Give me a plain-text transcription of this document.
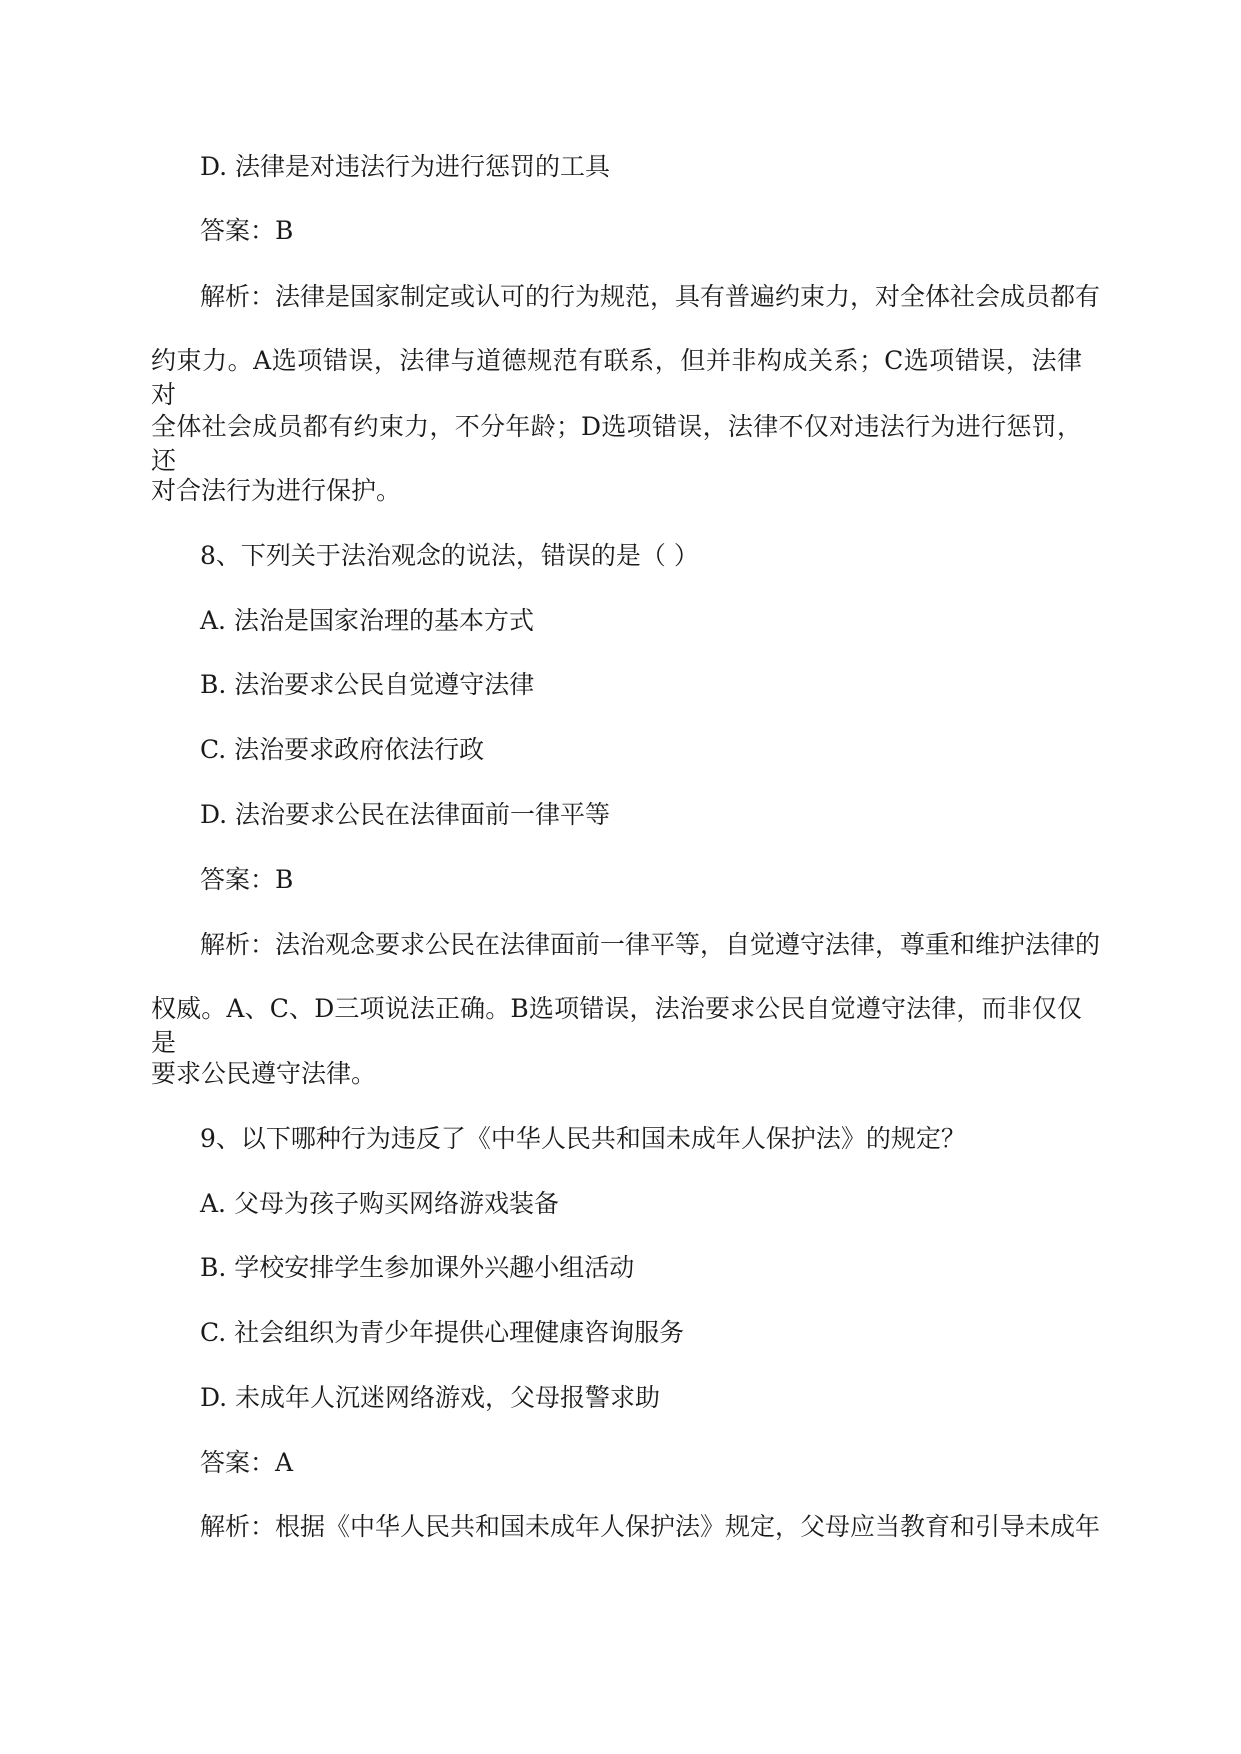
D. 法律是对违法行为进行惩罚的工具
答案：B
解析：法律是国家制定或认可的行为规范，具有普遍约束力，对全体社会成员都有
约束力。A选项错误，法律与道德规范有联系，但并非构成关系；C选项错误，法律对
全体社会成员都有约束力，不分年龄；D选项错误，法律不仅对违法行为进行惩罚，还
对合法行为进行保护。
8、下列关于法治观念的说法，错误的是（ ）
A. 法治是国家治理的基本方式
B. 法治要求公民自觉遵守法律
C. 法治要求政府依法行政
D. 法治要求公民在法律面前一律平等
答案：B
解析：法治观念要求公民在法律面前一律平等，自觉遵守法律，尊重和维护法律的
权威。A、C、D三项说法正确。B选项错误，法治要求公民自觉遵守法律，而非仅仅是
要求公民遵守法律。
9、以下哪种行为违反了《中华人民共和国未成年人保护法》的规定？
A. 父母为孩子购买网络游戏装备
B. 学校安排学生参加课外兴趣小组活动
C. 社会组织为青少年提供心理健康咨询服务
D. 未成年人沉迷网络游戏，父母报警求助
答案：A
解析：根据《中华人民共和国未成年人保护法》规定，父母应当教育和引导未成年
